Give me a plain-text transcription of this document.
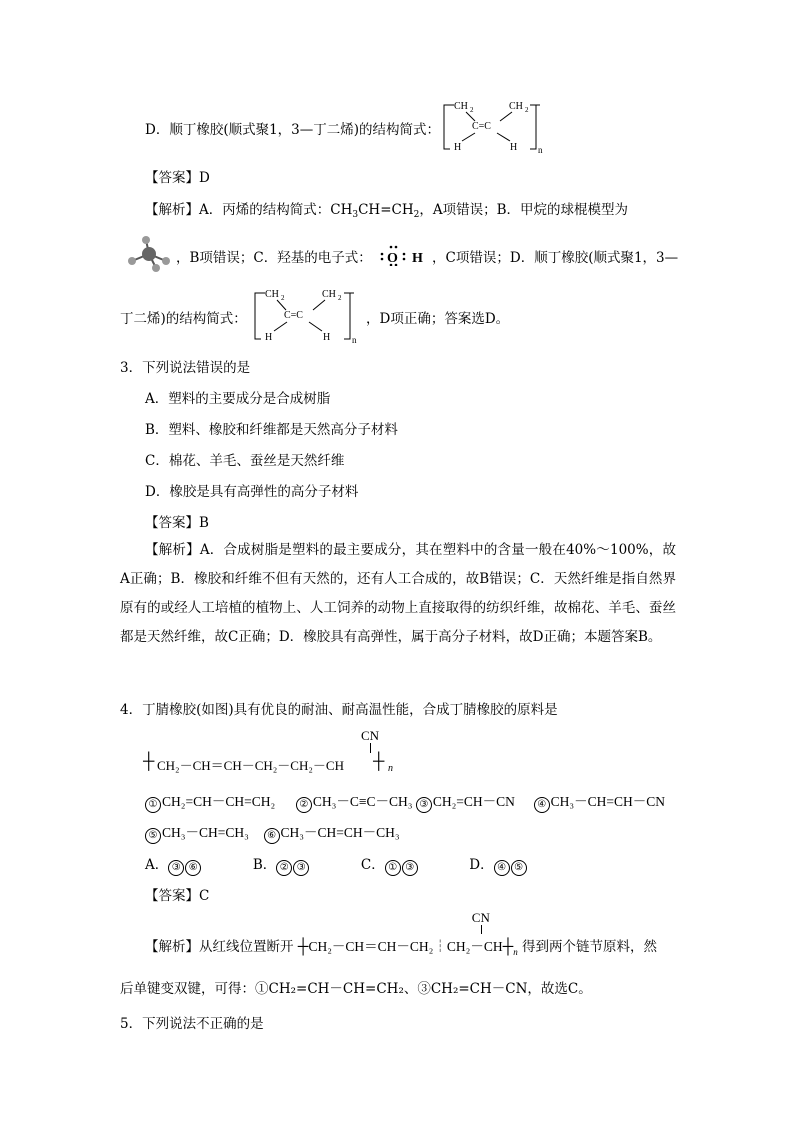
D．顺丁橡胶(顺式聚1，3—丁二烯)的结构简式：
CH 2	CH 2
C=C
H	H n
【答案】D
【解析】A．丙烯的结构简式：$CH_3CH=CH_2$，A项错误；B．甲烷的球棍模型为
，B项错误；C．羟基的电子式： O H ，C项错误；D．顺丁橡胶(顺式聚1，3—
丁二烯)的结构简式：
CH 2	CH 2
C=C
H	H n
，D项正确；答案选D。
3．下列说法错误的是
A．塑料的主要成分是合成树脂
B．塑料、橡胶和纤维都是天然高分子材料
C．棉花、羊毛、蚕丝是天然纤维
D．橡胶是具有高弹性的高分子材料
【答案】B
【解析】A．合成树脂是塑料的最主要成分，其在塑料中的含量一般在40%～100%，故A正确；B．橡胶和纤维不但有天然的，还有人工合成的，故B错误；C．天然纤维是指自然界原有的或经人工培植的植物上、人工饲养的动物上直接取得的纺织纤维，故棉花、羊毛、蚕丝都是天然纤维，故C正确；D．橡胶具有高弹性，属于高分子材料，故D正确；本题答案B。
4．丁腈橡胶(如图)具有优良的耐油、耐高温性能，合成丁腈橡胶的原料是
CN
┼ CH₂－CH＝CH－CH₂－CH₂－CH ┼ n
① CH₂=CH－CH=CH₂ ② CH₃－C≡C－CH₃ ③ CH₂=CH－CN ④ CH₃－CH=CH－CN
⑤ CH₃－CH=CH₃ ⑥ CH₃－CH=CH－CH₃
A． ③ ⑥	B． ② ③	C． ① ③	D． ④ ⑤
【答案】C
【解析】从红线位置断开
CN
$┼CH_2-CH=CH-CH_2┆CH_2-CH┼_n$ 得到两个链节原料，然
后单键变双键，可得：①CH₂=CH－CH=CH₂、③CH₂=CH－CN，故选C。
5．下列说法不正确的是
